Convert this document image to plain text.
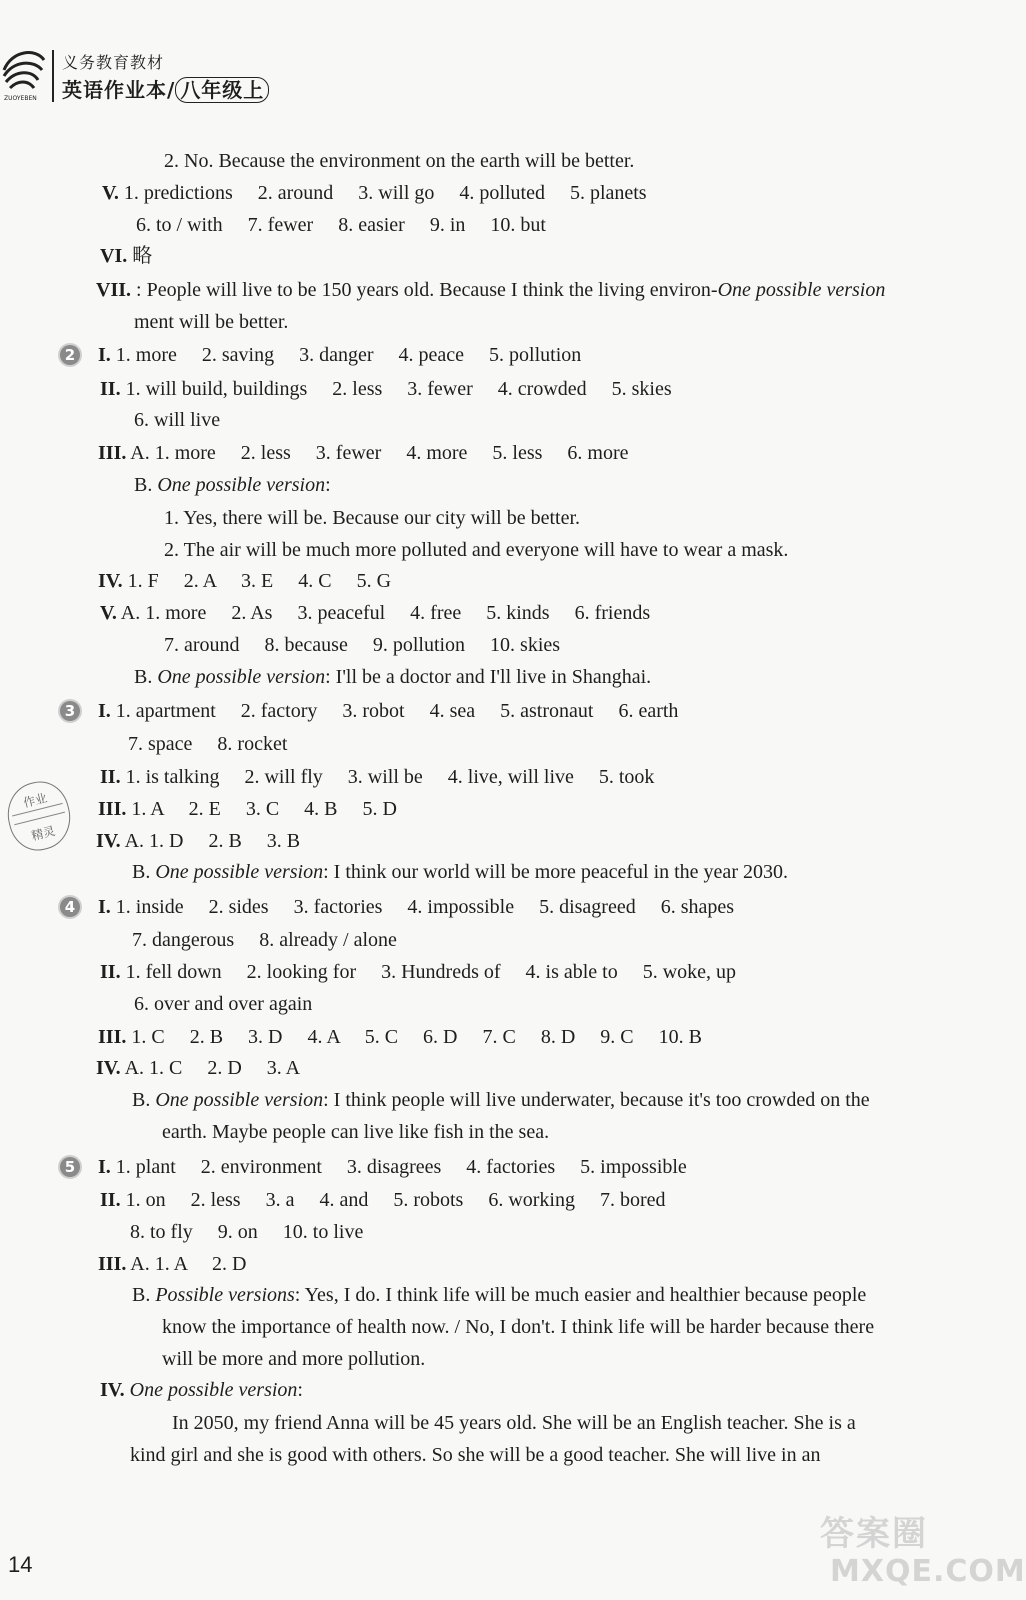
ZUOYEBEN
义务教育教材
英语作业本/ 八年级上
2. No. Because the environment on the earth will be better.
V. 1. predictions     2. around     3. will go     4. polluted     5. planets
6. to / with     7. fewer     8. easier     9. in     10. but
VI. 略
VII. : People will live to be 150 years old. Because I think the living environ-One possible version
ment will be better.
2 I. 1. more     2. saving     3. danger     4. peace     5. pollution
II. 1. will build, buildings     2. less     3. fewer     4. crowded     5. skies
6. will live
III. A. 1. more     2. less     3. fewer     4. more     5. less     6. more
B. One possible version:
1. Yes, there will be. Because our city will be better.
2. The air will be much more polluted and everyone will have to wear a mask.
IV. 1. F     2. A     3. E     4. C     5. G
V. A. 1. more     2. As     3. peaceful     4. free     5. kinds     6. friends
7. around     8. because     9. pollution     10. skies
B. One possible version: I'll be a doctor and I'll live in Shanghai.
3 I. 1. apartment     2. factory     3. robot     4. sea     5. astronaut     6. earth
7. space     8. rocket
II. 1. is talking     2. will fly     3. will be     4. live, will live     5. took
III. 1. A     2. E     3. C     4. B     5. D
IV. A. 1. D     2. B     3. B
B. One possible version: I think our world will be more peaceful in the year 2030.
4 I. 1. inside     2. sides     3. factories     4. impossible     5. disagreed     6. shapes
7. dangerous     8. already / alone
II. 1. fell down     2. looking for     3. Hundreds of     4. is able to     5. woke, up
6. over and over again
III. 1. C     2. B     3. D     4. A     5. C     6. D     7. C     8. D     9. C     10. B
IV. A. 1. C     2. D     3. A
B. One possible version: I think people will live underwater, because it's too crowded on the
earth. Maybe people can live like fish in the sea.
5 I. 1. plant     2. environment     3. disagrees     4. factories     5. impossible
II. 1. on     2. less     3. a     4. and     5. robots     6. working     7. bored
8. to fly     9. on     10. to live
III. A. 1. A     2. D
B. Possible versions: Yes, I do. I think life will be much easier and healthier because people
know the importance of health now. / No, I don't. I think life will be harder because there
will be more and more pollution.
IV. One possible version:
In 2050, my friend Anna will be 45 years old. She will be an English teacher. She is a
kind girl and she is good with others. So she will be a good teacher. She will live in an
作业
精灵
14
答案圈
MXQE.COM
